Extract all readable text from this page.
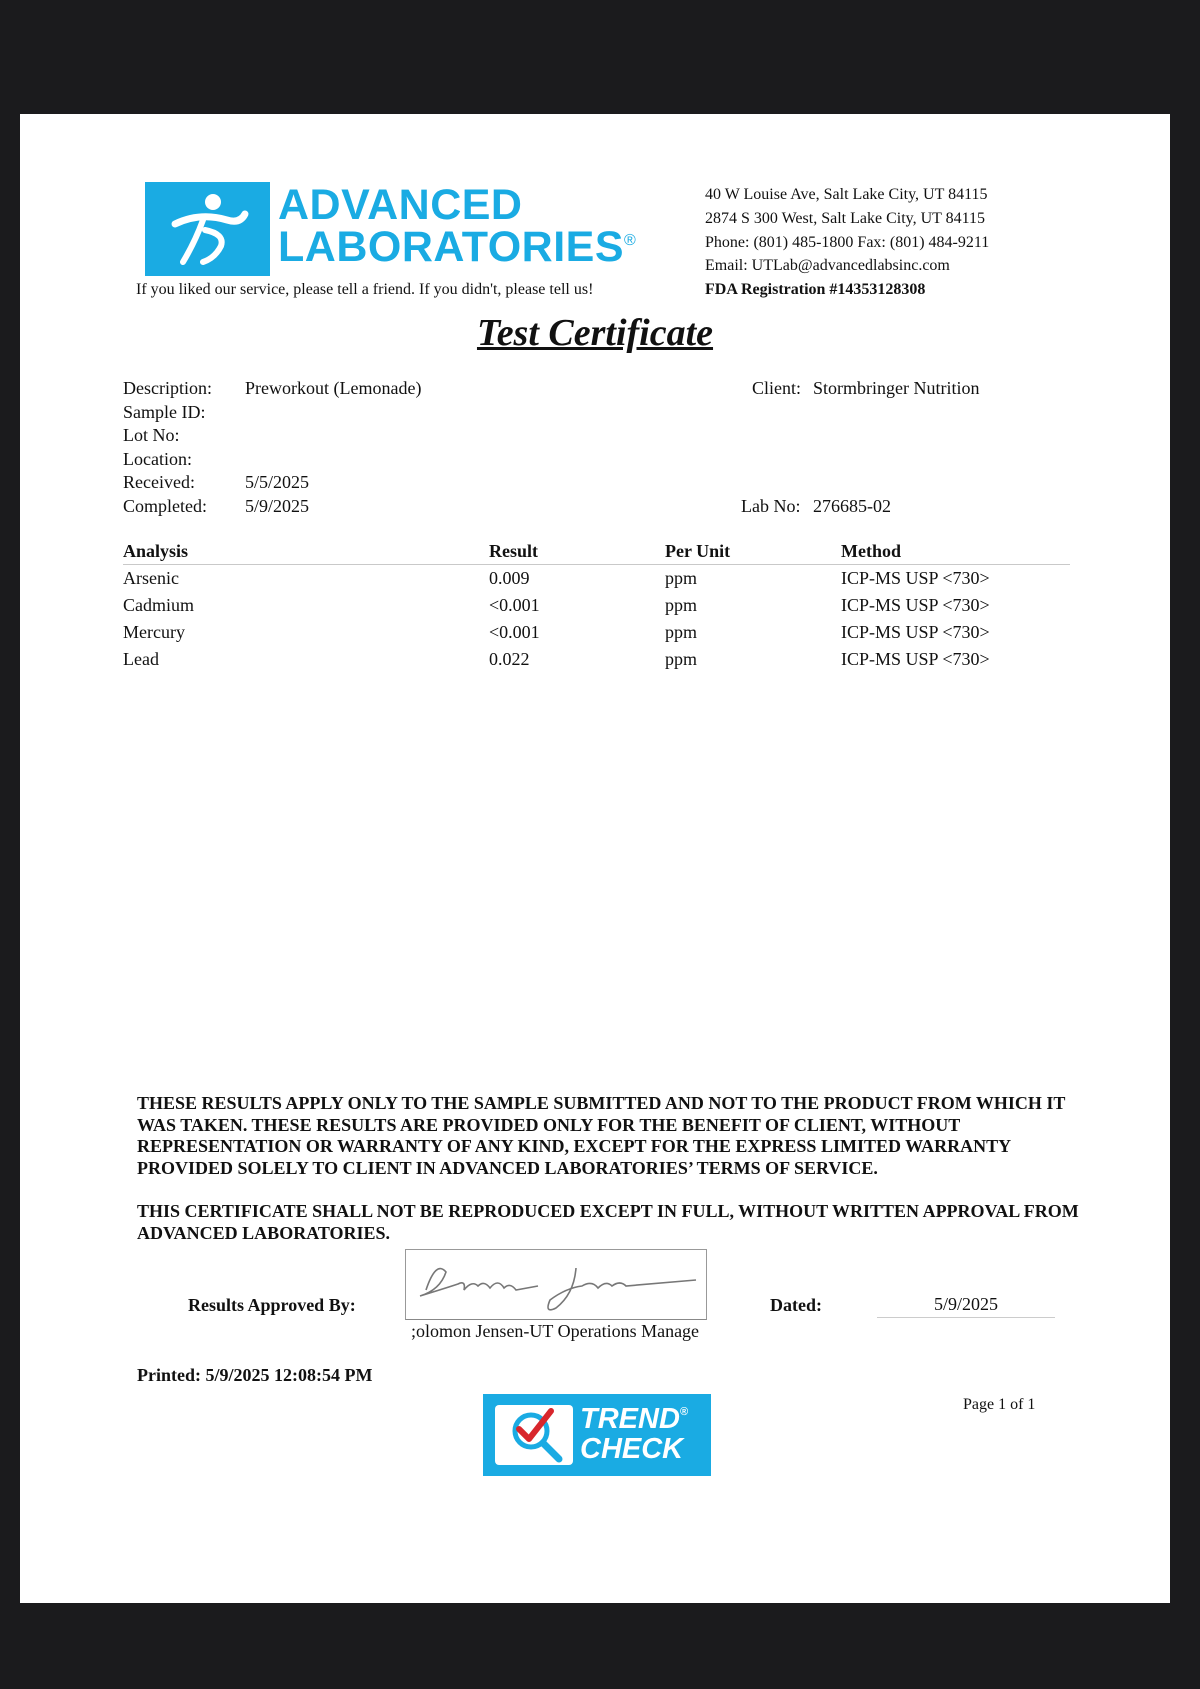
ADVANCED
LABORATORIES®
If you liked our service, please tell a friend. If you didn't, please tell us!
40 W Louise Ave, Salt Lake City, UT 84115
2874 S 300 West, Salt Lake City, UT 84115
Phone: (801) 485-1800 Fax: (801) 484-9211
Email: UTLab@advancedlabsinc.com
FDA Registration #14353128308
Test Certificate
Description: Preworkout (Lemonade)
Sample ID:
Lot No:
Location:
Received:	5/5/2025
Completed: 5/9/2025
Client: Stormbringer Nutrition
Lab No: 276685-02
Analysis	Result	Per Unit	Method
Arsenic	0.009	ppm	ICP-MS USP <730>
Cadmium	<0.001	ppm	ICP-MS USP <730>
Mercury	<0.001	ppm	ICP-MS USP <730>
Lead	0.022	ppm	ICP-MS USP <730>

THESE RESULTS APPLY ONLY TO THE SAMPLE SUBMITTED AND NOT TO THE PRODUCT FROM WHICH IT WAS TAKEN. THESE RESULTS ARE PROVIDED ONLY FOR THE BENEFIT OF CLIENT, WITHOUT REPRESENTATION OR WARRANTY OF ANY KIND, EXCEPT FOR THE EXPRESS LIMITED WARRANTY PROVIDED SOLELY TO CLIENT IN ADVANCED LABORATORIES’ TERMS OF SERVICE.

THIS CERTIFICATE SHALL NOT BE REPRODUCED EXCEPT IN FULL, WITHOUT WRITTEN APPROVAL FROM ADVANCED LABORATORIES.

Results Approved By:
;olomon Jensen-UT Operations Manage
Dated:	5/9/2025
Printed: 5/9/2025 12:08:54 PM
Page 1 of 1
TREND®
CHECK
